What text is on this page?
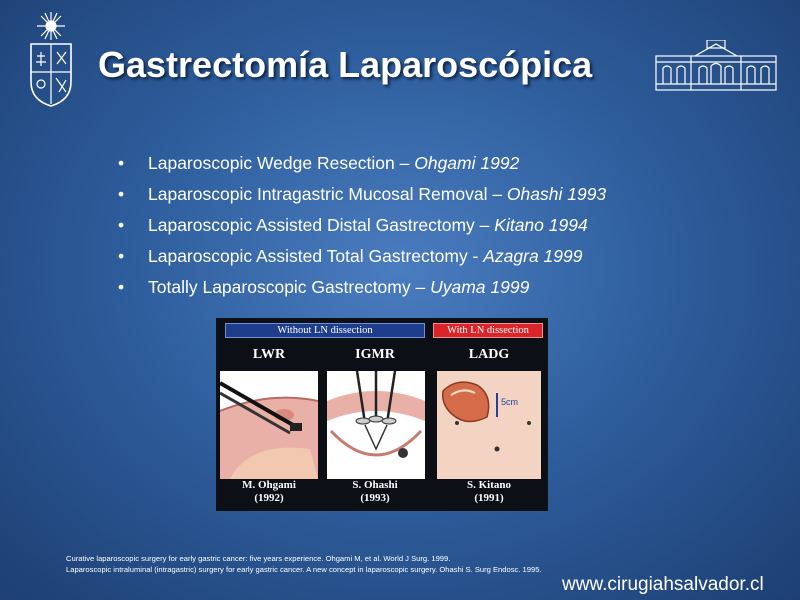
Gastrectomía Laparoscópica
• Laparoscopic Wedge Resection – Ohgami 1992
• Laparoscopic Intragastric Mucosal Removal – Ohashi 1993
• Laparoscopic Assisted Distal Gastrectomy – Kitano 1994
• Laparoscopic Assisted Total Gastrectomy - Azagra 1999
• Totally Laparoscopic Gastrectomy – Uyama 1999
Without LN dissection	With LN dissection
LWR	IGMR	LADG
5cm
M. Ohgami
(1992)
S. Ohashi
(1993)
S. Kitano
(1991)
Curative laparoscopic surgery for early gastric cancer: five years experience. Ohgami M, et al. World J Surg. 1999.
Laparoscopic intraluminal (intragastric) surgery for early gastric cancer. A new concept in laparoscopic surgery. Ohashi S. Surg Endosc. 1995.
www.cirugiahsalvador.cl
